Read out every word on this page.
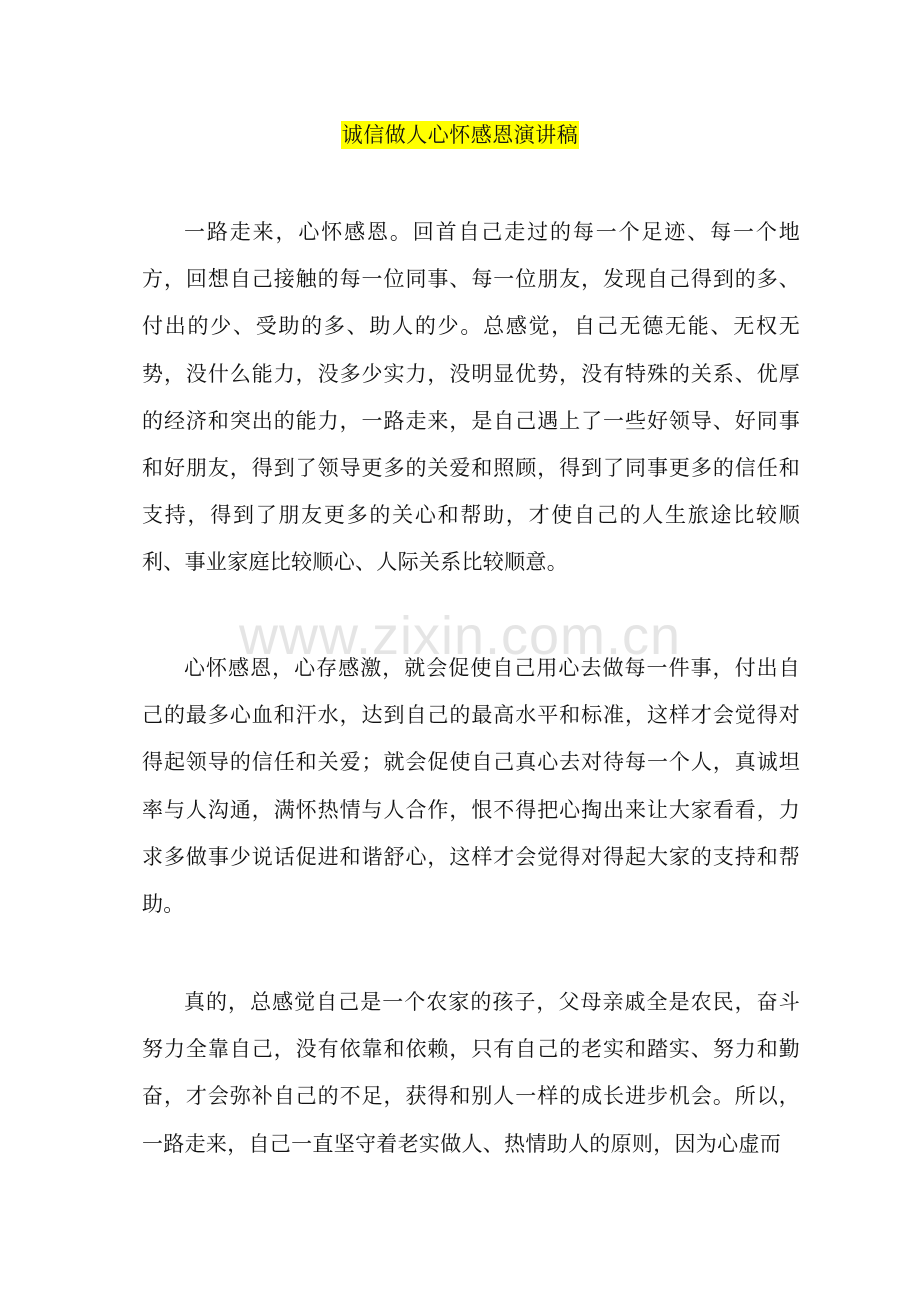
诚信做人心怀感恩演讲稿

一路走来，心怀感恩。回首自己走过的每一个足迹、每一个地方，回想自己接触的每一位同事、每一位朋友，发现自己得到的多、付出的少、受助的多、助人的少。总感觉，自己无德无能、无权无势，没什么能力，没多少实力，没明显优势，没有特殊的关系、优厚的经济和突出的能力，一路走来，是自己遇上了一些好领导、好同事和好朋友，得到了领导更多的关爱和照顾，得到了同事更多的信任和支持，得到了朋友更多的关心和帮助，才使自己的人生旅途比较顺利、事业家庭比较顺心、人际关系比较顺意。

www.zixin.com.cn

心怀感恩，心存感激，就会促使自己用心去做每一件事，付出自己的最多心血和汗水，达到自己的最高水平和标准，这样才会觉得对得起领导的信任和关爱；就会促使自己真心去对待每一个人，真诚坦率与人沟通，满怀热情与人合作，恨不得把心掏出来让大家看看，力求多做事少说话促进和谐舒心，这样才会觉得对得起大家的支持和帮助。

真的，总感觉自己是一个农家的孩子，父母亲戚全是农民，奋斗努力全靠自己，没有依靠和依赖，只有自己的老实和踏实、努力和勤奋，才会弥补自己的不足，获得和别人一样的成长进步机会。所以，一路走来，自己一直坚守着老实做人、热情助人的原则，因为心虚而
